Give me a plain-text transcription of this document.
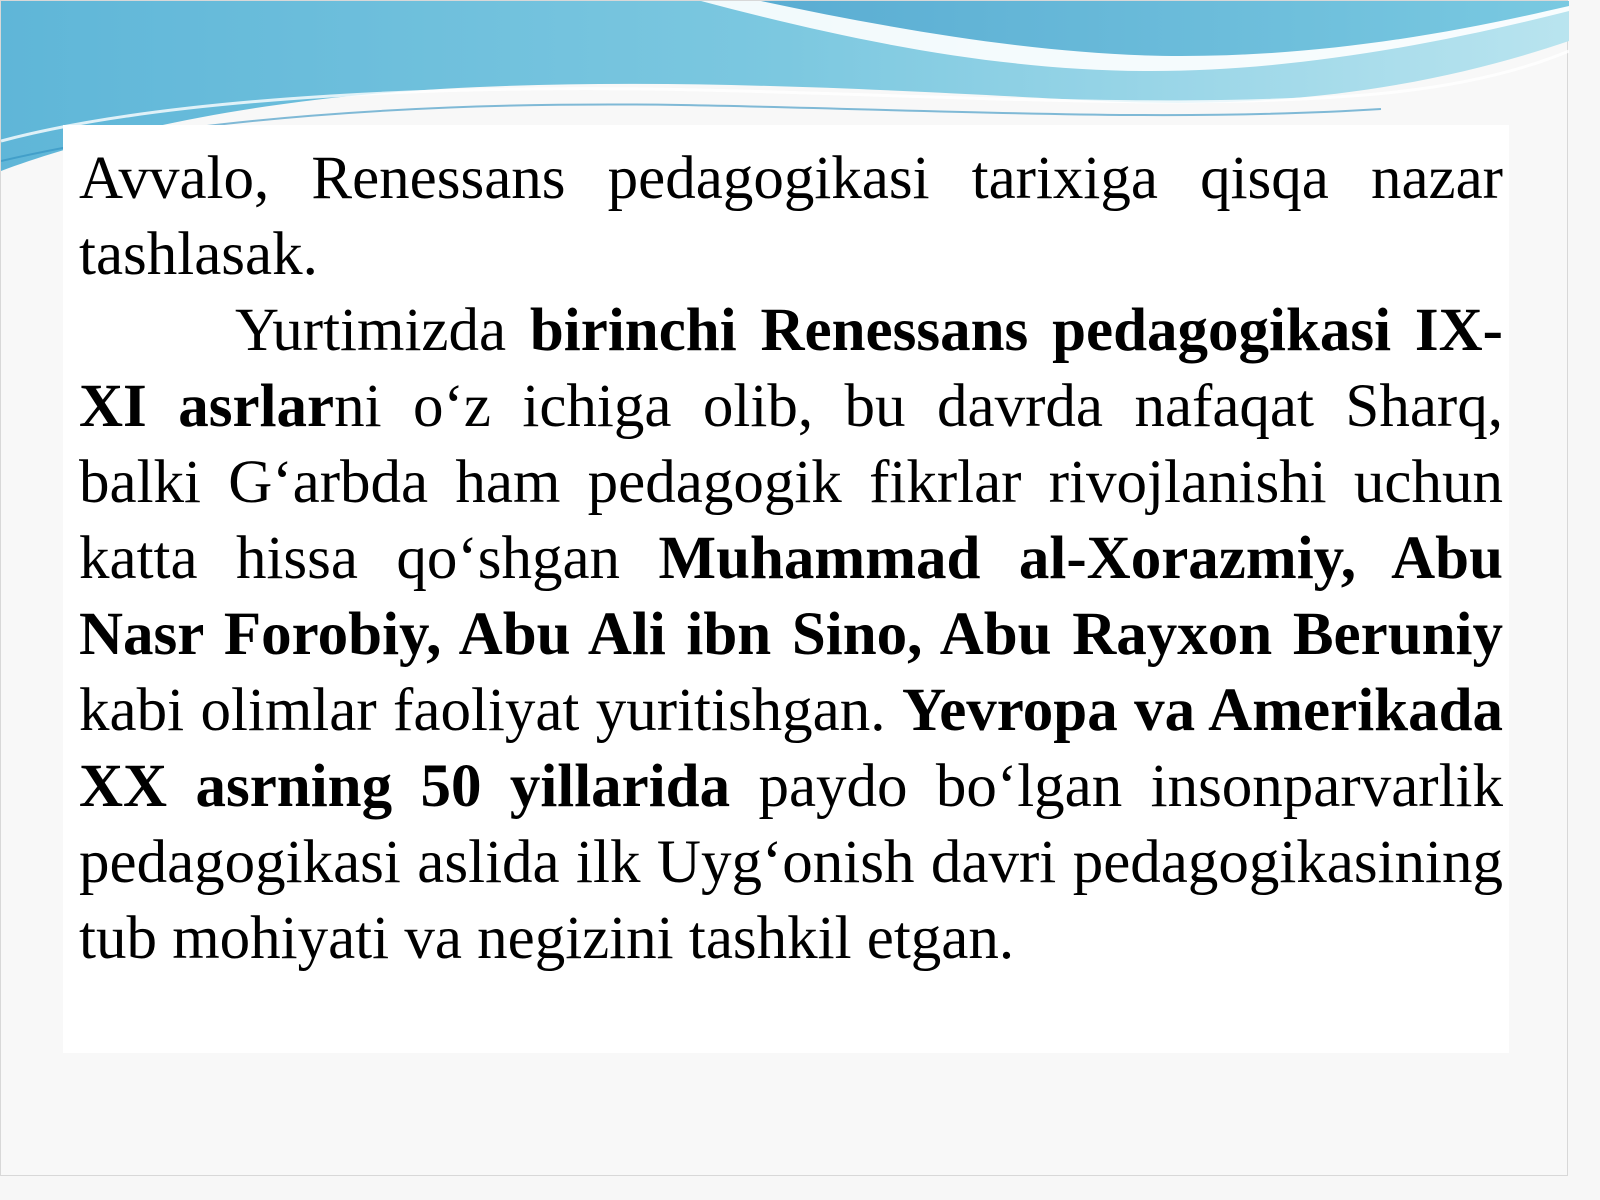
Avvalo, Renessans pedagogikasi tarixiga qisqa nazar tashlasak.

Yurtimizda birinchi Renessans pedagogikasi IX-XI asrlarni o‘z ichiga olib, bu davrda nafaqat Sharq, balki G‘arbda ham pedagogik fikrlar rivojlanishi uchun katta hissa qo‘shgan Muhammad al-Xorazmiy, Abu Nasr Forobiy, Abu Ali ibn Sino, Abu Rayxon Beruniy kabi olimlar faoliyat yuritishgan. Yevropa va Amerikada XX asrning 50 yillarida paydo bo‘lgan insonparvarlik pedagogikasi aslida ilk Uyg‘onish davri pedagogikasining tub mohiyati va negizini tashkil etgan.
